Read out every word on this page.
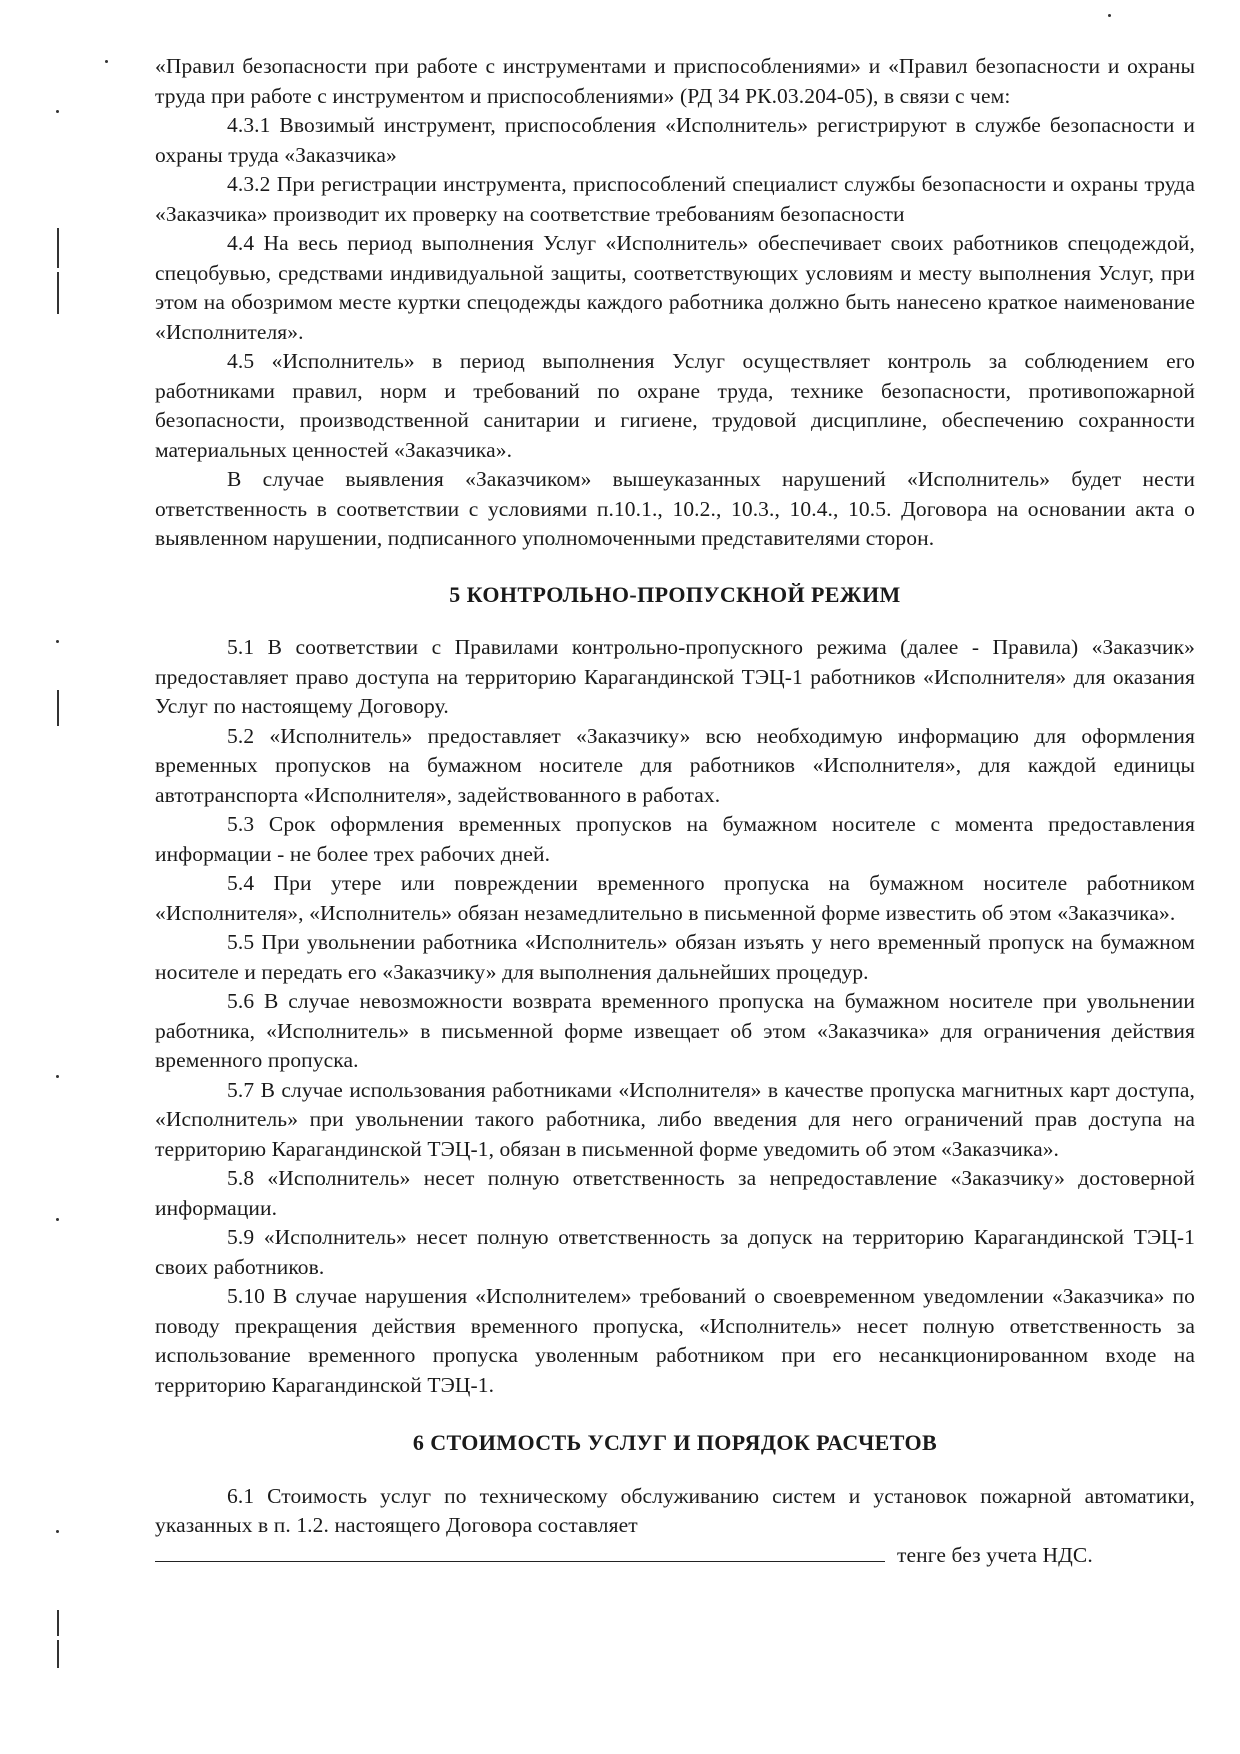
«Правил безопасности при работе с инструментами и приспособлениями» и «Правил безопасности и охраны труда при работе с инструментом и приспособлениями» (РД 34 РК.03.204-05), в связи с чем:

4.3.1 Ввозимый инструмент, приспособления «Исполнитель» регистрируют в службе безопасности и охраны труда «Заказчика»

4.3.2 При регистрации инструмента, приспособлений специалист службы безопасности и охраны труда «Заказчика» производит их проверку на соответствие требованиям безопасности

4.4 На весь период выполнения Услуг «Исполнитель» обеспечивает своих работников спецодеждой, спецобувью, средствами индивидуальной защиты, соответствующих условиям и месту выполнения Услуг, при этом на обозримом месте куртки спецодежды каждого работника должно быть нанесено краткое наименование «Исполнителя».

4.5 «Исполнитель» в период выполнения Услуг осуществляет контроль за соблюдением его работниками правил, норм и требований по охране труда, технике безопасности, противопожарной безопасности, производственной санитарии и гигиене, трудовой дисциплине, обеспечению сохранности материальных ценностей «Заказчика».

В случае выявления «Заказчиком» вышеуказанных нарушений «Исполнитель» будет нести ответственность в соответствии с условиями п.10.1., 10.2., 10.3., 10.4., 10.5. Договора на основании акта о выявленном нарушении, подписанного уполномоченными представителями сторон.

5 КОНТРОЛЬНО-ПРОПУСКНОЙ РЕЖИМ

5.1 В соответствии с Правилами контрольно-пропускного режима (далее - Правила) «Заказчик» предоставляет право доступа на территорию Карагандинской ТЭЦ-1 работников «Исполнителя» для оказания Услуг по настоящему Договору.

5.2 «Исполнитель» предоставляет «Заказчику» всю необходимую информацию для оформления временных пропусков на бумажном носителе для работников «Исполнителя», для каждой единицы автотранспорта «Исполнителя», задействованного в работах.

5.3 Срок оформления временных пропусков на бумажном носителе с момента предоставления информации - не более трех рабочих дней.

5.4 При утере или повреждении временного пропуска на бумажном носителе работником «Исполнителя», «Исполнитель» обязан незамедлительно в письменной форме известить об этом «Заказчика».

5.5 При увольнении работника «Исполнитель» обязан изъять у него временный пропуск на бумажном носителе и передать его «Заказчику» для выполнения дальнейших процедур.

5.6 В случае невозможности возврата временного пропуска на бумажном носителе при увольнении работника, «Исполнитель» в письменной форме извещает об этом «Заказчика» для ограничения действия временного пропуска.

5.7 В случае использования работниками «Исполнителя» в качестве пропуска магнитных карт доступа, «Исполнитель» при увольнении такого работника, либо введения для него ограничений прав доступа на территорию Карагандинской ТЭЦ-1, обязан в письменной форме уведомить об этом «Заказчика».

5.8 «Исполнитель» несет полную ответственность за непредоставление «Заказчику» достоверной информации.

5.9 «Исполнитель» несет полную ответственность за допуск на территорию Карагандинской ТЭЦ-1 своих работников.

5.10 В случае нарушения «Исполнителем» требований о своевременном уведомлении «Заказчика» по поводу прекращения действия временного пропуска, «Исполнитель» несет полную ответственность за использование временного пропуска уволенным работником при его несанкционированном входе на территорию Карагандинской ТЭЦ-1.

6 СТОИМОСТЬ УСЛУГ И ПОРЯДОК РАСЧЕТОВ

6.1 Стоимость услуг по техническому обслуживанию систем и установок пожарной автоматики, указанных в п. 1.2. настоящего Договора составляет

тенге без учета НДС.
